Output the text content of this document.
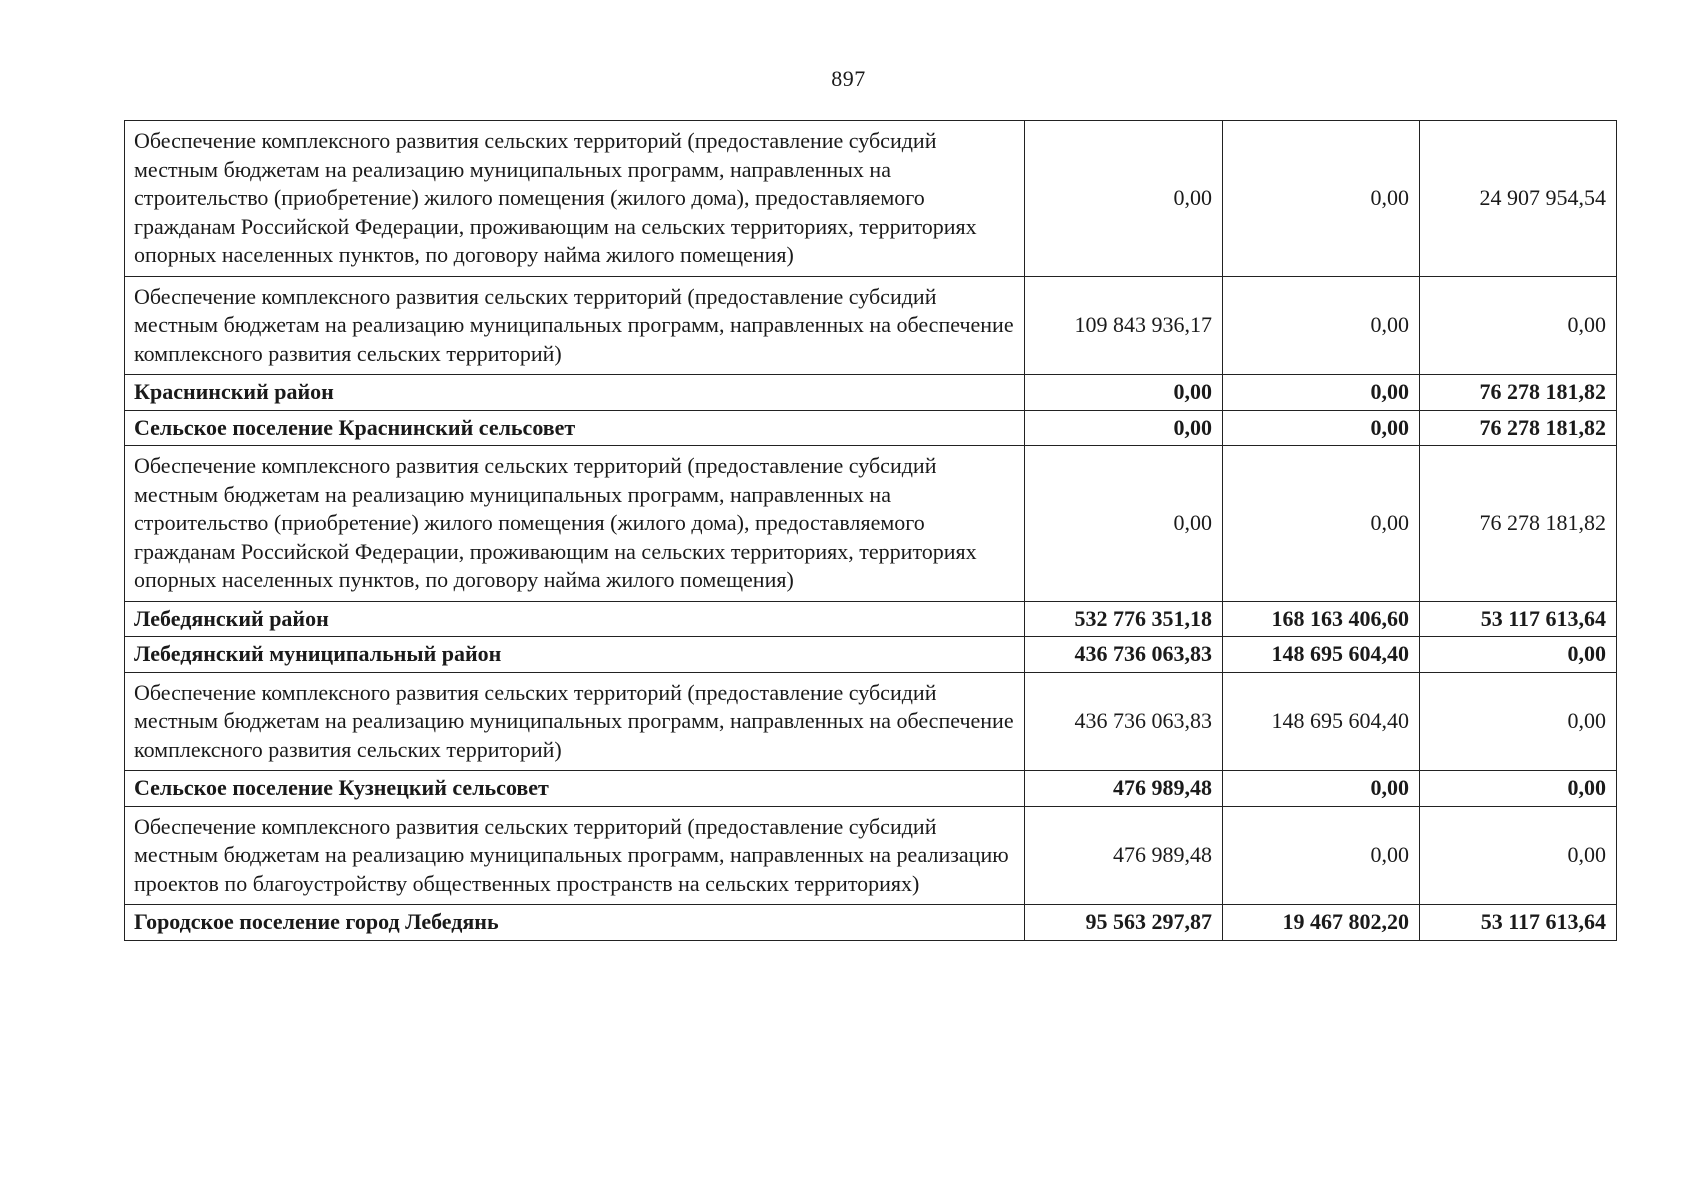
897
Обеспечение комплексного развития сельских территорий (предоставление субсидий местным бюджетам на реализацию муниципальных программ, направленных на строительство (приобретение) жилого помещения (жилого дома), предоставляемого гражданам Российской Федерации, проживающим на сельских территориях, территориях опорных населенных пунктов, по договору найма жилого помещения)	0,00	0,00	24 907 954,54
Обеспечение комплексного развития сельских территорий (предоставление субсидий местным бюджетам на реализацию муниципальных программ, направленных на обеспечение комплексного развития сельских территорий)	109 843 936,17	0,00	0,00
Краснинский район	0,00	0,00	76 278 181,82
Сельское поселение Краснинский сельсовет	0,00	0,00	76 278 181,82
Обеспечение комплексного развития сельских территорий (предоставление субсидий местным бюджетам на реализацию муниципальных программ, направленных на строительство (приобретение) жилого помещения (жилого дома), предоставляемого гражданам Российской Федерации, проживающим на сельских территориях, территориях опорных населенных пунктов, по договору найма жилого помещения)	0,00	0,00	76 278 181,82
Лебедянский район	532 776 351,18	168 163 406,60	53 117 613,64
Лебедянский муниципальный район	436 736 063,83	148 695 604,40	0,00
Обеспечение комплексного развития сельских территорий (предоставление субсидий местным бюджетам на реализацию муниципальных программ, направленных на обеспечение комплексного развития сельских территорий)	436 736 063,83	148 695 604,40	0,00
Сельское поселение Кузнецкий сельсовет	476 989,48	0,00	0,00
Обеспечение комплексного развития сельских территорий (предоставление субсидий местным бюджетам на реализацию муниципальных программ, направленных на реализацию проектов по благоустройству общественных пространств на сельских территориях)	476 989,48	0,00	0,00
Городское поселение город Лебедянь	95 563 297,87	19 467 802,20	53 117 613,64
